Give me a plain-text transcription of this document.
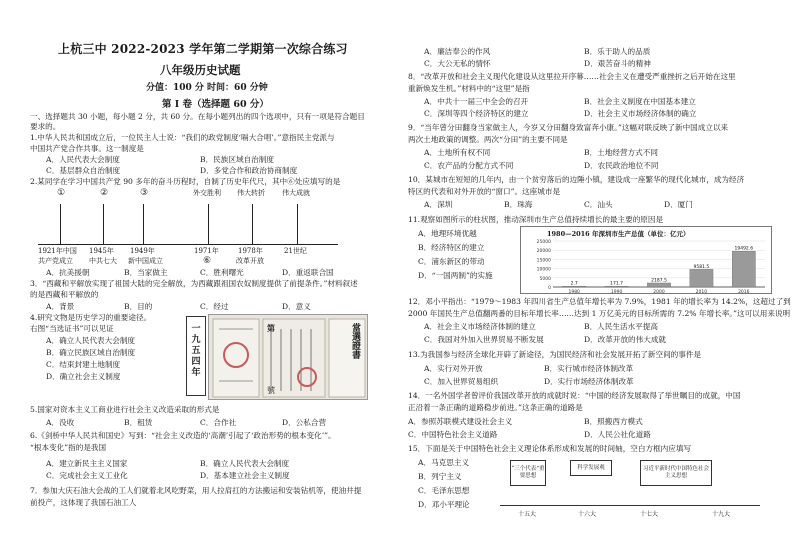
上杭三中 2022-2023 学年第二学期第一次综合练习
八年级历史试题
分值：100 分 时间：60 分钟
第 I 卷（选择题 60 分）
一、选择题共 30 小题，每小题 2 分，共 60 分。在每小题列出的四个选项中，只有一项是符合题目
要求的。
1.中华人民共和国成立后，一位民主人士说：“我们的政党制度‘嗝大合唱’。”意指民主党派与
中国共产党合作共事。这一制度是
A．人民代表大会制度	B．民族区域自治制度
C．基层群众自治制度	D．多党合作和政治协商制度
2.某同学在学习中国共产党 90 多年的奋斗历程时，自制了历史年代尺，其中⑥处应填写的是
①	②	③	外交胜利 伟大转折 伟大成就
1921年中国 1945年 1949年	1971年	1978年	21世纪
共产党成立 中共七大 新中国成立	⑥	改革开放
A．抗美援朝	B．当家做主	C．胜利曙光	D．重返联合国
3．“西藏和平解放实现了祖国大陆的完全解放，为西藏跟祖国农奴制度提供了前提条件。”材料叙述
的是西藏和平解放的
A．背景	B．目的	C．经过	D．意义
4.研究文物是历史学习的重要途径。
右图“当选证书”可以见证
A．确立人民代表大会制度
B．确立民族区域自治制度
C．结束封建土地制度
D．确立社会主义制度
一
九
五
四
年
第	當選證書
號
5.国家对资本主义工商业进行社会主义改造采取的形式是
A．没收	B．租赁	C．合作社	D．公私合营
6.《剑桥中华人民共和国史》写到：“社会主义改造的‘高潮’引起了‘政治形势的根本变化’”。
“根本变化”指的是我国
A．建立新民主主义国家	B．确立人民代表大会制度
C．完成社会主义工业化	D．基本建立社会主义制度
7．参加大庆石油大会战的工人们就着北风吃野菜，用人拉肩扛的方法搬运和安装钻机等，使油井提
前投产，这体现了我国石油工人
A．廉洁奉公的作风	B．乐于助人的品质
C．大公无私的情怀	D．艰苦奋斗的精神
8．“改革开放和社会主义现代化建设从这里拉开序幕……社会主义在遭受严重挫折之后开始在这里
重新焕发生机。”材料中的“这里”是指
A．中共十一届三中全会的召开	B．社会主义制度在中国基本建立
C．深圳等四个经济特区的建立	D．社会主义市场经济体制的确立
9．“当年曾分田翻身当家做主人，今岁又分田翻身致富奔小康。”这幅对联反映了新中国成立以来
两次土地政策的调整。两次“分田”的主要不同是
A．土地所有权不同	B．土地经营方式不同
C．农产品的分配方式不同	D．农民政治地位不同
10．某城市在短短的几年内，由一个贫穷落后的边陲小镇，建设成一座繁华的现代化城市，成为经济
特区的代表和对外开放的“窗口”。这座城市是
A．深圳	B．珠海	C．汕头	D．厦门
11.观察如图所示的柱状图，推动深圳市生产总值持续增长的最主要的原因是
A．地理环境优越
B．经济特区的建立
C．浦东新区的带动
D．“一国两制”的实施
1980—2016 年深圳市生产总值（单位：亿元）
25000
20000
15000
10000
5000
0
2.7
1980
171.7
1990
2187.5
2000
9581.5
2010
19492.6
2016
12．邓小平指出：“1979～1983 年四川省生产总值年增长率为 7.9%，1981 年的增长率为 14.2%，这超过了到
2000 年国民生产总值翻两番的目标年增长率……达到 1 万亿美元的目标所需的 7.2% 年增长率。”这可以用来说明
A．社会主义市场经济体制的建立	B．人民生活水平提高
C．我国对外加入世界贸易不断发展	D．改革开放的伟大成就
13.为我国参与经济全球化开辟了新途径，为国民经济和社会发展开拓了新空间的事件是
A．实行对外开放	B．实行城市经济体制改革
C．加入世界贸易组织	D．实行市场经济体制改革
14．一名外国学者曾评价我国改革开放的成就时说：“中国的经济发展取得了举世瞩目的成就，中国
正沿着一条正确的道路稳步前进。”这条正确的道路是
A．参照苏联模式建设社会主义	B．照搬西方模式
C．中国特色社会主义道路	D．人民公社化道路
15．下面是关于中国特色社会主义理论体系形成和发展的时间轴，空白方框内应填写
A．马克思主义
B．列宁主义
C．毛泽东思想
D．邓小平理论
“三个代表”重要思想
科学发展观	习近平新时代中国特色社会主义思想
十五大	十六大	十七大	十九大
